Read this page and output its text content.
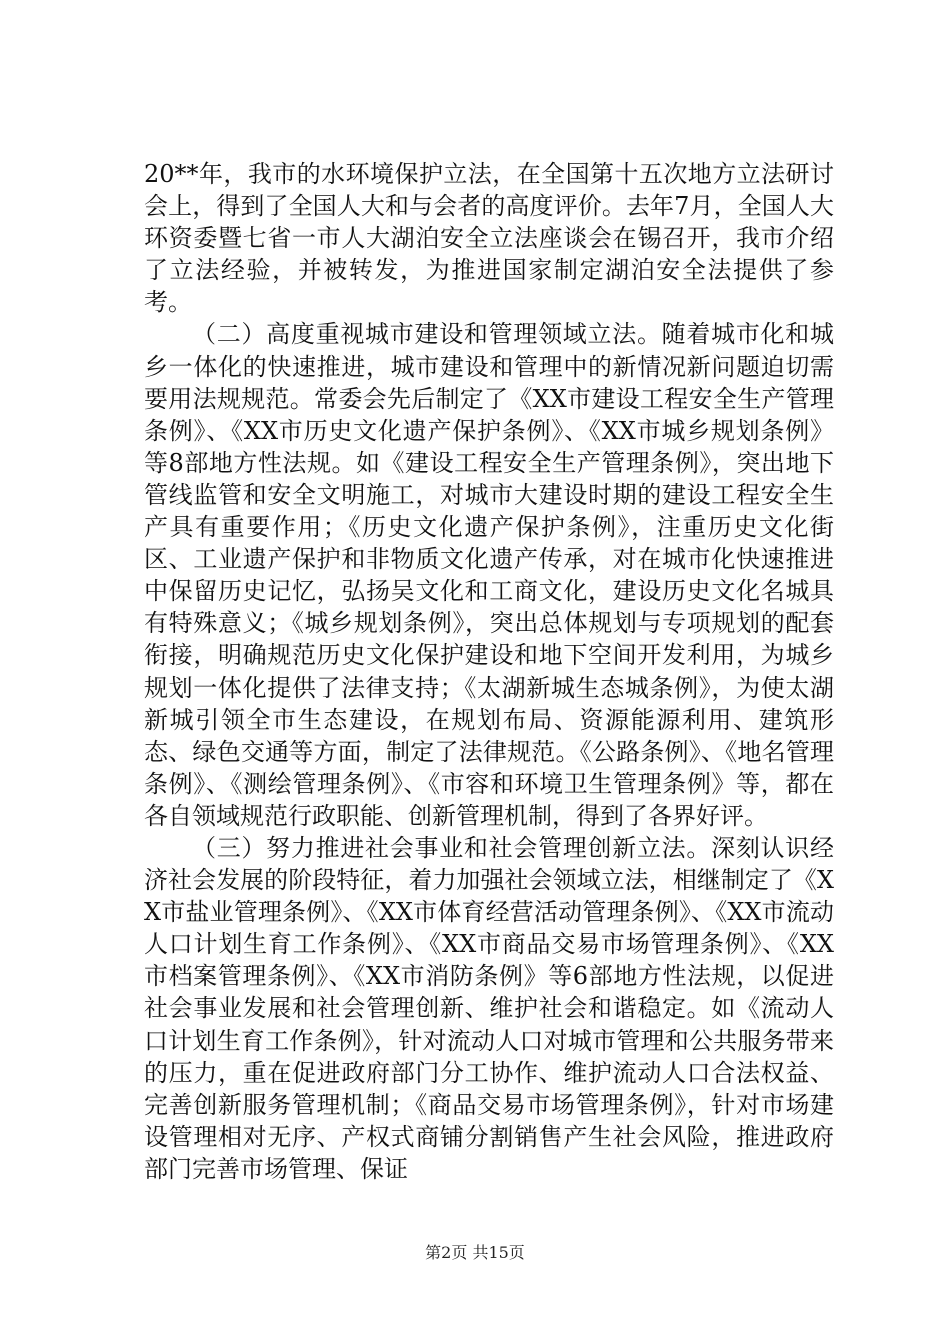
20**年，我市的水环境保护立法，在全国第十五次地方立法研讨会上，得到了全国人大和与会者的高度评价。去年7月，全国人大环资委暨七省一市人大湖泊安全立法座谈会在锡召开，我市介绍了立法经验，并被转发，为推进国家制定湖泊安全法提供了参考。

（二）高度重视城市建设和管理领域立法。随着城市化和城乡一体化的快速推进，城市建设和管理中的新情况新问题迫切需要用法规规范。常委会先后制定了《XX市建设工程安全生产管理条例》、《XX市历史文化遗产保护条例》、《XX市城乡规划条例》等8部地方性法规。如《建设工程安全生产管理条例》，突出地下管线监管和安全文明施工，对城市大建设时期的建设工程安全生产具有重要作用；《历史文化遗产保护条例》，注重历史文化街区、工业遗产保护和非物质文化遗产传承，对在城市化快速推进中保留历史记忆，弘扬吴文化和工商文化，建设历史文化名城具有特殊意义；《城乡规划条例》，突出总体规划与专项规划的配套衔接，明确规范历史文化保护建设和地下空间开发利用，为城乡规划一体化提供了法律支持；《太湖新城生态城条例》，为使太湖新城引领全市生态建设，在规划布局、资源能源利用、建筑形态、绿色交通等方面，制定了法律规范。《公路条例》、《地名管理条例》、《测绘管理条例》、《市容和环境卫生管理条例》等，都在各自领域规范行政职能、创新管理机制，得到了各界好评。

（三）努力推进社会事业和社会管理创新立法。深刻认识经济社会发展的阶段特征，着力加强社会领域立法，相继制定了《XX市盐业管理条例》、《XX市体育经营活动管理条例》、《XX市流动人口计划生育工作条例》、《XX市商品交易市场管理条例》、《XX市档案管理条例》、《XX市消防条例》等6部地方性法规，以促进社会事业发展和社会管理创新、维护社会和谐稳定。如《流动人口计划生育工作条例》，针对流动人口对城市管理和公共服务带来的压力，重在促进政府部门分工协作、维护流动人口合法权益、完善创新服务管理机制；《商品交易市场管理条例》，针对市场建设管理相对无序、产权式商铺分割销售产生社会风险，推进政府部门完善市场管理、保证

第2页 共15页
